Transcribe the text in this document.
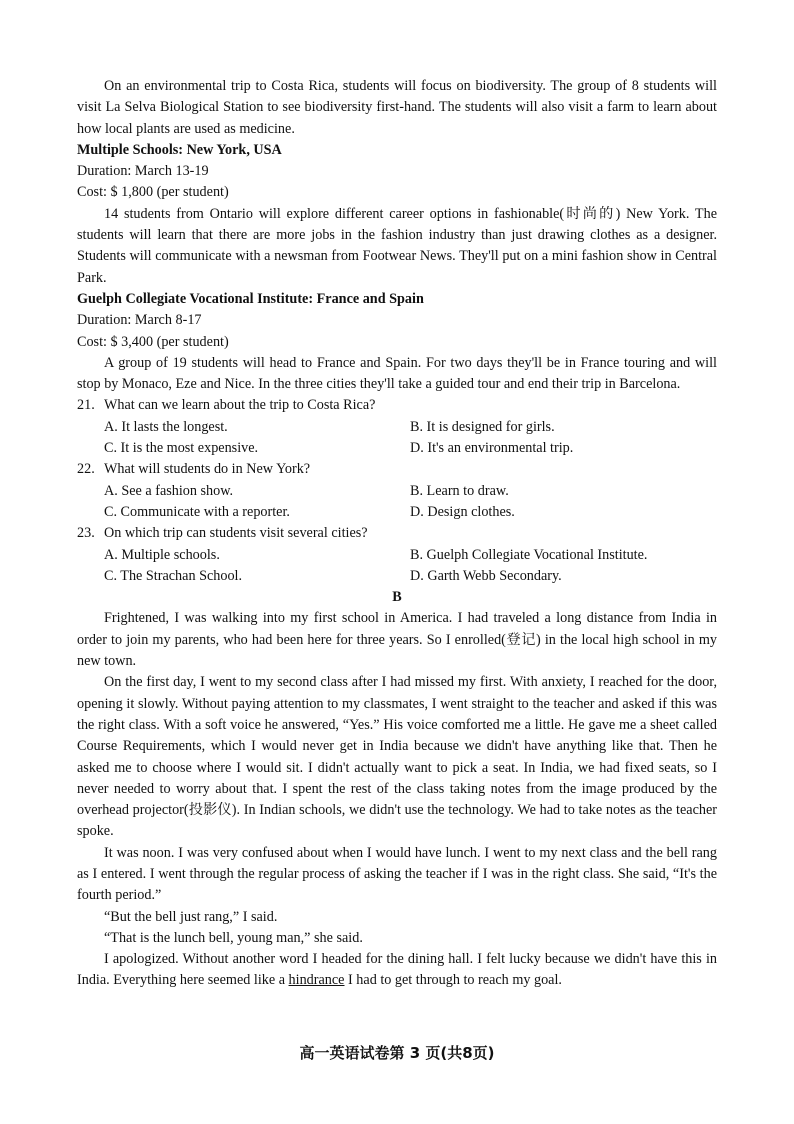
On an environmental trip to Costa Rica, students will focus on biodiversity. The group of 8 students will visit La Selva Biological Station to see biodiversity first-hand. The students will also visit a farm to learn about how local plants are used as medicine.

Multiple Schools: New York, USA

Duration: March 13-19

Cost: $ 1,800 (per student)

14 students from Ontario will explore different career options in fashionable(时尚的) New York. The students will learn that there are more jobs in the fashion industry than just drawing clothes as a designer. Students will communicate with a newsman from Footwear News. They'll put on a mini fashion show in Central Park.

Guelph Collegiate Vocational Institute: France and Spain

Duration: March 8-17

Cost: $ 3,400 (per student)

A group of 19 students will head to France and Spain. For two days they'll be in France touring and will stop by Monaco, Eze and Nice. In the three cities they'll take a guided tour and end their trip in Barcelona.

21. What can we learn about the trip to Costa Rica?
A. It lasts the longest.	B. It is designed for girls.
C. It is the most expensive.	D. It's an environmental trip.
22. What will students do in New York?
A. See a fashion show.	B. Learn to draw.
C. Communicate with a reporter.	D. Design clothes.
23. On which trip can students visit several cities?
A. Multiple schools.	B. Guelph Collegiate Vocational Institute.
C. The Strachan School.	D. Garth Webb Secondary.

B

Frightened, I was walking into my first school in America. I had traveled a long distance from India in order to join my parents, who had been here for three years. So I enrolled(登记) in the local high school in my new town.

On the first day, I went to my second class after I had missed my first. With anxiety, I reached for the door, opening it slowly. Without paying attention to my classmates, I went straight to the teacher and asked if this was the right class. With a soft voice he answered, “Yes.” His voice comforted me a little. He gave me a sheet called Course Requirements, which I would never get in India because we didn't have anything like that. Then he asked me to choose where I would sit. I didn't actually want to pick a seat. In India, we had fixed seats, so I never needed to worry about that. I spent the rest of the class taking notes from the image produced by the overhead projector(投影仪). In Indian schools, we didn't use the technology. We had to take notes as the teacher spoke.

It was noon. I was very confused about when I would have lunch. I went to my next class and the bell rang as I entered. I went through the regular process of asking the teacher if I was in the right class. She said, “It's the fourth period.”

“But the bell just rang,” I said.

“That is the lunch bell, young man,” she said.

I apologized. Without another word I headed for the dining hall. I felt lucky because we didn't have this in India. Everything here seemed like a hindrance I had to get through to reach my goal.

高一英语试卷第 3 页(共8页)
